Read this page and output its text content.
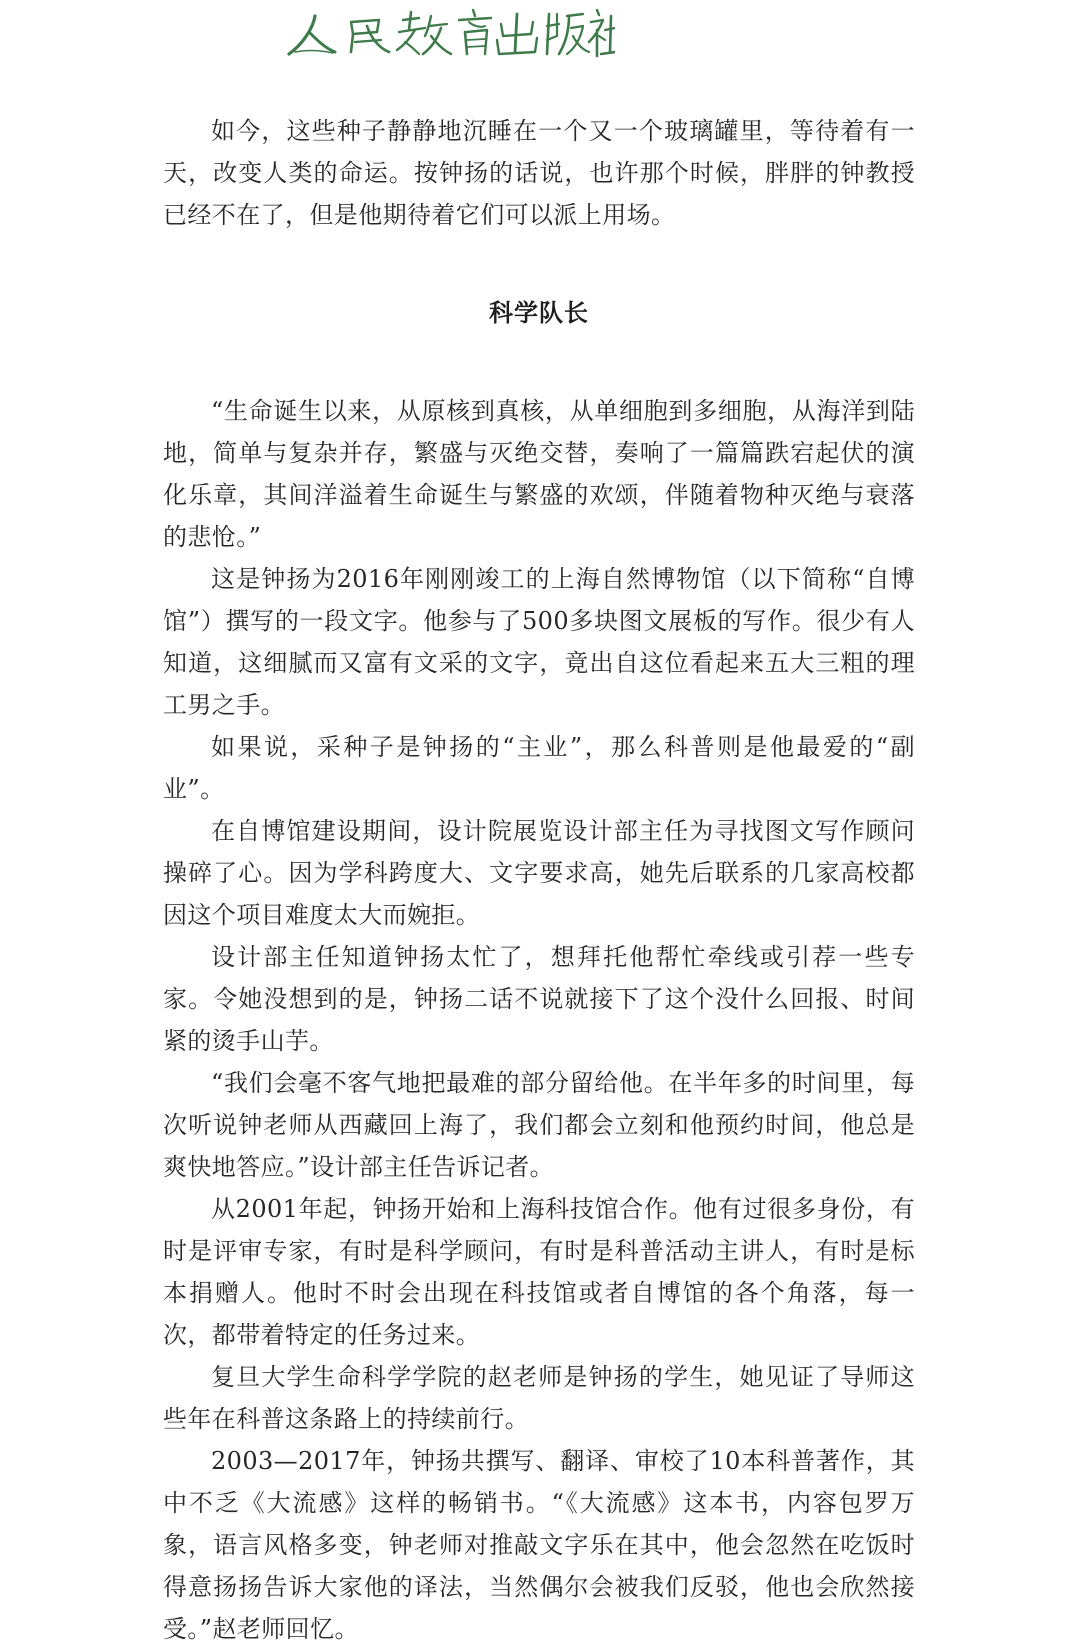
如今，这些种子静静地沉睡在一个又一个玻璃罐里，等待着有一天，改变人类的命运。按钟扬的话说，也许那个时候，胖胖的钟教授已经不在了，但是他期待着它们可以派上用场。

科学队长

“生命诞生以来，从原核到真核，从单细胞到多细胞，从海洋到陆地，简单与复杂并存，繁盛与灭绝交替，奏响了一篇篇跌宕起伏的演化乐章，其间洋溢着生命诞生与繁盛的欢颂，伴随着物种灭绝与衰落的悲怆。”

这是钟扬为2016年刚刚竣工的上海自然博物馆（以下简称“自博馆”）撰写的一段文字。他参与了500多块图文展板的写作。很少有人知道，这细腻而又富有文采的文字，竟出自这位看起来五大三粗的理工男之手。

如果说，采种子是钟扬的“主业”，那么科普则是他最爱的“副业”。

在自博馆建设期间，设计院展览设计部主任为寻找图文写作顾问操碎了心。因为学科跨度大、文字要求高，她先后联系的几家高校都因这个项目难度太大而婉拒。

设计部主任知道钟扬太忙了，想拜托他帮忙牵线或引荐一些专家。令她没想到的是，钟扬二话不说就接下了这个没什么回报、时间紧的烫手山芋。

“我们会毫不客气地把最难的部分留给他。在半年多的时间里，每次听说钟老师从西藏回上海了，我们都会立刻和他预约时间，他总是爽快地答应。”设计部主任告诉记者。

从2001年起，钟扬开始和上海科技馆合作。他有过很多身份，有时是评审专家，有时是科学顾问，有时是科普活动主讲人，有时是标本捐赠人。他时不时会出现在科技馆或者自博馆的各个角落，每一次，都带着特定的任务过来。

复旦大学生命科学学院的赵老师是钟扬的学生，她见证了导师这些年在科普这条路上的持续前行。

2003—2017年，钟扬共撰写、翻译、审校了10本科普著作，其中不乏《大流感》这样的畅销书。“《大流感》这本书，内容包罗万象，语言风格多变，钟老师对推敲文字乐在其中，他会忽然在吃饭时得意扬扬告诉大家他的译法，当然偶尔会被我们反驳，他也会欣然接受。”赵老师回忆。
